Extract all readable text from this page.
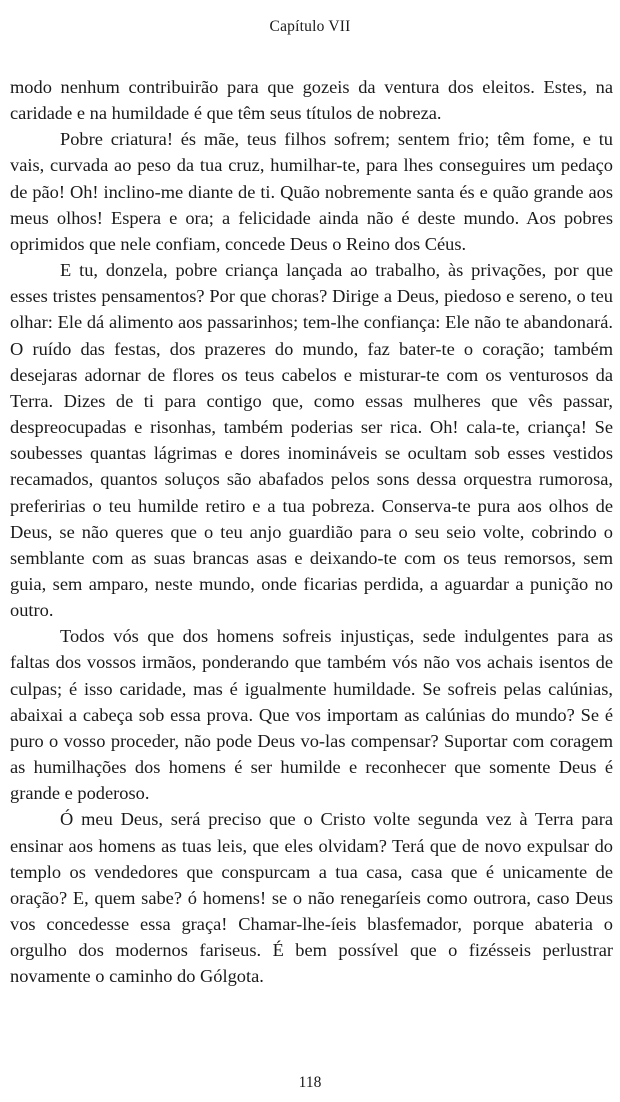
Capítulo VII

modo nenhum contribuirão para que gozeis da ventura dos eleitos. Estes, na caridade e na humildade é que têm seus títulos de nobreza.

Pobre criatura! és mãe, teus filhos sofrem; sentem frio; têm fome, e tu vais, curvada ao peso da tua cruz, humilhar-te, para lhes conseguires um pedaço de pão! Oh! inclino-me diante de ti. Quão nobremente santa és e quão grande aos meus olhos! Espera e ora; a felicidade ainda não é deste mundo. Aos pobres oprimidos que nele confiam, concede Deus o Reino dos Céus.

E tu, donzela, pobre criança lançada ao trabalho, às privações, por que esses tristes pensamentos? Por que choras? Dirige a Deus, piedoso e sereno, o teu olhar: Ele dá alimento aos passarinhos; tem-lhe confiança: Ele não te abandonará. O ruído das festas, dos prazeres do mundo, faz bater-te o coração; também desejaras adornar de flores os teus cabelos e misturar-te com os venturosos da Terra. Dizes de ti para contigo que, como essas mulheres que vês passar, despreocupadas e risonhas, também poderias ser rica. Oh! cala-te, criança! Se soubesses quantas lágrimas e dores inomináveis se ocultam sob esses vestidos recamados, quantos soluços são abafados pelos sons dessa orquestra rumorosa, preferirias o teu humilde retiro e a tua pobreza. Conserva-te pura aos olhos de Deus, se não queres que o teu anjo guardião para o seu seio volte, cobrindo o semblante com as suas brancas asas e deixando-te com os teus remorsos, sem guia, sem amparo, neste mundo, onde ficarias perdida, a aguardar a punição no outro.

Todos vós que dos homens sofreis injustiças, sede indulgentes para as faltas dos vossos irmãos, ponderando que também vós não vos achais isentos de culpas; é isso caridade, mas é igualmente humildade. Se sofreis pelas calúnias, abaixai a cabeça sob essa prova. Que vos importam as calúnias do mundo? Se é puro o vosso proceder, não pode Deus vo-las compensar? Suportar com coragem as humilhações dos homens é ser humilde e reconhecer que somente Deus é grande e poderoso.

Ó meu Deus, será preciso que o Cristo volte segunda vez à Terra para ensinar aos homens as tuas leis, que eles olvidam? Terá que de novo expulsar do templo os vendedores que conspurcam a tua casa, casa que é unicamente de oração? E, quem sabe? ó homens! se o não renegaríeis como outrora, caso Deus vos concedesse essa graça! Chamar-lhe-íeis blasfemador, porque abateria o orgulho dos modernos fariseus. É bem possível que o fizésseis perlustrar novamente o caminho do Gólgota.

118
